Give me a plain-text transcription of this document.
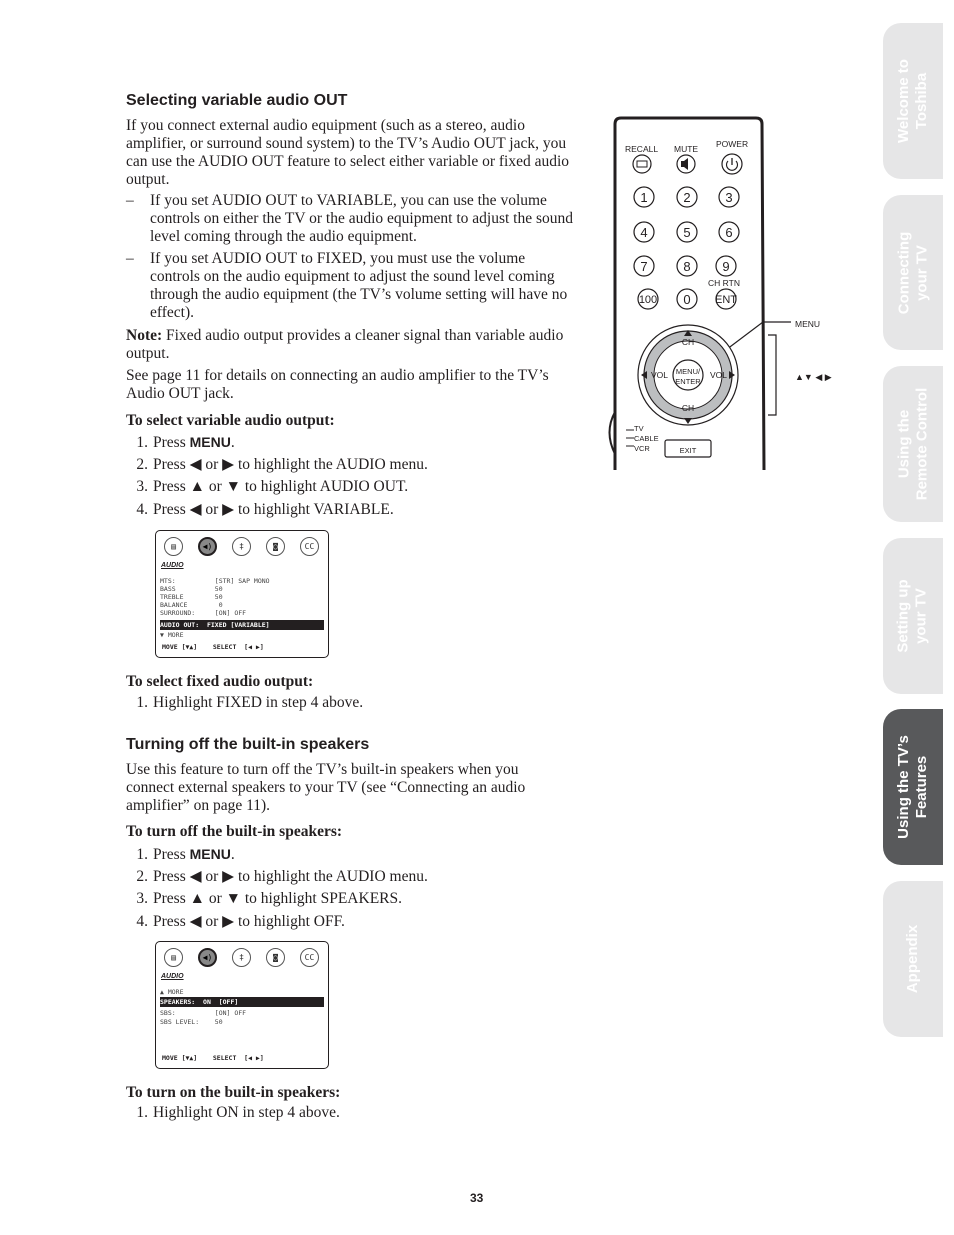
Selecting variable audio OUT
If you connect external audio equipment (such as a stereo, audio amplifier, or surround sound system) to the TV’s Audio OUT jack, you can use the AUDIO OUT feature to select either variable or fixed audio output.
–	If you set AUDIO OUT to VARIABLE, you can use the volume controls on either the TV or the audio equipment to adjust the sound level coming through the audio equipment.
–	If you set AUDIO OUT to FIXED, you must use the volume controls on the audio equipment to adjust the sound level coming through the audio equipment (the TV’s volume setting will have no effect).
Note: Fixed audio output provides a cleaner signal than variable audio output.
See page 11 for details on connecting an audio amplifier to the TV’s Audio OUT jack.
To select variable audio output:
1. Press MENU.
2. Press ◀ or ▶ to highlight the AUDIO menu.
3. Press ▲ or ▼ to highlight AUDIO OUT.
4. Press ◀ or ▶ to highlight VARIABLE.
▤	◀)	‡	◙	CC
AUDIO
MTS:          [STR] SAP MONO
BASS          50
TREBLE        50
BALANCE        0
SURROUND:     [ON] OFF
AUDIO OUT:  FIXED [VARIABLE]
▼ MORE
MOVE [▼▲]    SELECT  [◀ ▶]
To select fixed audio output:
1. Highlight FIXED in step 4 above.
Turning off the built-in speakers
Use this feature to turn off the TV’s built-in speakers when you connect external speakers to your TV (see “Connecting an audio amplifier” on page 11).
To turn off the built-in speakers:
1. Press MENU.
2. Press ◀ or ▶ to highlight the AUDIO menu.
3. Press ▲ or ▼ to highlight SPEAKERS.
4. Press ◀ or ▶ to highlight OFF.
▤	◀)	‡	◙	CC
AUDIO
▲ MORE
SPEAKERS:  ON  [OFF]
SBS:          [ON] OFF
SBS LEVEL:    50
MOVE [▼▲]    SELECT  [◀ ▶]
To turn on the built-in speakers:
1. Highlight ON in step 4 above.
RECALL MUTE POWER
1	2	3
4	5	6
7	8 9
CH RTN
100 0 ENT
MENU
CH
CH
VOL	VOL
MENU/
ENTER	▲▼ ◀ ▶
TV
CABLE
VCR	EXIT
Welcome to
Toshiba
Connecting
your TV
Using the
Remote Control
Setting up
your TV
Using the TV’s
Features
Appendix
33
